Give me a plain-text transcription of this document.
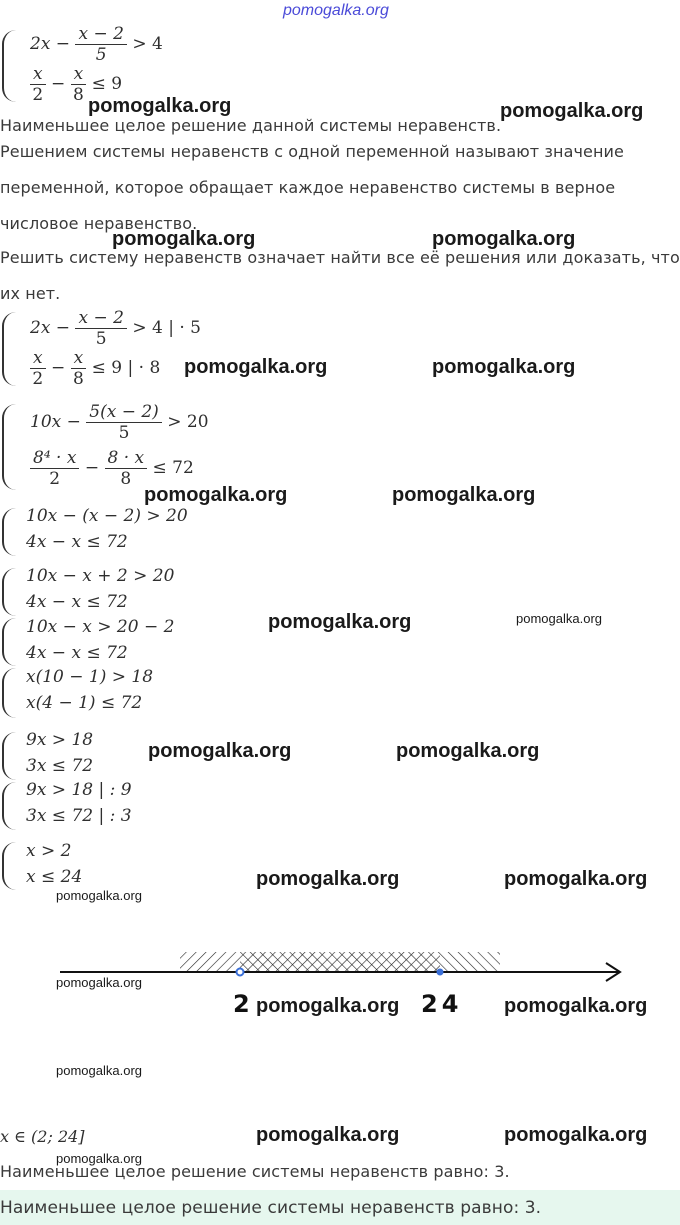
pomogalka.org
$2x - \frac{x - 2}{5} > 4$
$\frac{x}{2} - \frac{x}{8} \le 9$
pomogalka.org	pomogalka.org
Наименьшее целое решение данной системы неравенств.
Решением системы неравенств с одной переменной называют значение
переменной, которое обращает каждое неравенство системы в верное
числовое неравенство.
pomogalka.org	pomogalka.org
Решить систему неравенств означает найти все её решения или доказать, что
их нет.
$2x - \frac{x - 2}{5} > 4$ | · 5
$\frac{x}{2} - \frac{x}{8} \le 9$ | · 8 pomogalka.org	pomogalka.org
$10x - \frac{5(x - 2)}{5} > 20$
$\frac{\text{8⁴ · x}}{2} - \frac{8 \cdot x}{8} \le 72$
pomogalka.org	pomogalka.org
10x − (x − 2) > 20
4x − x ≤ 72
10x − x + 2 > 20
4x − x ≤ 72
10x − x > 20 − 2
4x − x ≤ 72
pomogalka.org	pomogalka.org
x(10 − 1) > 18
x(4 − 1) ≤ 72
9x > 18
3x ≤ 72
pomogalka.org	pomogalka.org
9x > 18 | : 9
3x ≤ 72 | : 3
x > 2
x ≤ 24	pomogalka.org	pomogalka.org
pomogalka.org
pomogalka.org
2	24
pomogalka.org	pomogalka.org
pomogalka.org
x ∈ (2; 24]	pomogalka.org	pomogalka.org
pomogalka.org
Наименьшее целое решение системы неравенств равно: 3.
Наименьшее целое решение системы неравенств равно: 3.
